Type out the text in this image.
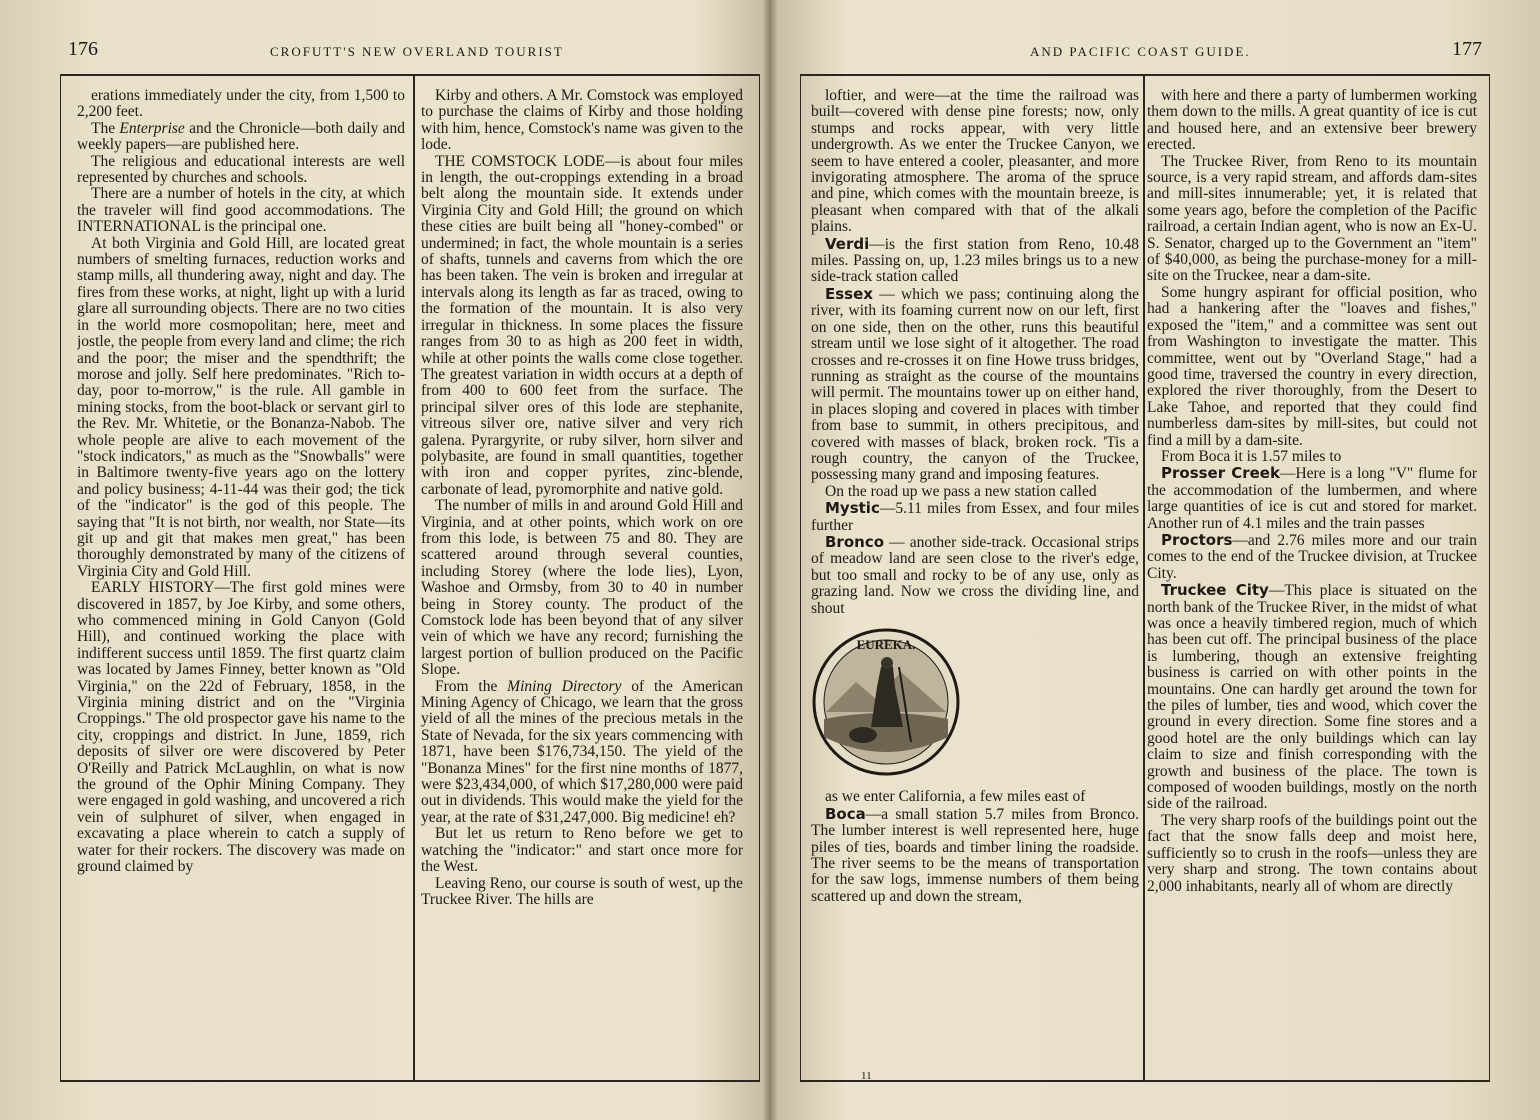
176	CROFUTT'S NEW OVERLAND TOURIST

erations immediately under the city, from 1,500 to 2,200 feet.

The Enterprise and the Chronicle—both daily and weekly papers—are published here.

The religious and educational interests are well represented by churches and schools.

There are a number of hotels in the city, at which the traveler will find good accommodations. The INTERNATIONAL is the principal one.

At both Virginia and Gold Hill, are located great numbers of smelting furnaces, reduction works and stamp mills, all thundering away, night and day. The fires from these works, at night, light up with a lurid glare all surrounding objects. There are no two cities in the world more cosmopolitan; here, meet and jostle, the people from every land and clime; the rich and the poor; the miser and the spendthrift; the morose and jolly. Self here predominates. "Rich to-day, poor to-morrow," is the rule. All gamble in mining stocks, from the boot-black or servant girl to the Rev. Mr. Whitetie, or the Bonanza-Nabob. The whole people are alive to each movement of the "stock indicators," as much as the "Snowballs" were in Baltimore twenty-five years ago on the lottery and policy business; 4-11-44 was their god; the tick of the "indicator" is the god of this people. The saying that "It is not birth, nor wealth, nor State—its git up and git that makes men great," has been thoroughly demonstrated by many of the citizens of Virginia City and Gold Hill.

EARLY HISTORY—The first gold mines were discovered in 1857, by Joe Kirby, and some others, who commenced mining in Gold Canyon (Gold Hill), and continued working the place with indifferent success until 1859. The first quartz claim was located by James Finney, better known as "Old Virginia," on the 22d of February, 1858, in the Virginia mining district and on the "Virginia Croppings." The old prospector gave his name to the city, croppings and district. In June, 1859, rich deposits of silver ore were discovered by Peter O'Reilly and Patrick McLaughlin, on what is now the ground of the Ophir Mining Company. They were engaged in gold washing, and uncovered a rich vein of sulphuret of silver, when engaged in excavating a place wherein to catch a supply of water for their rockers. The discovery was made on ground claimed by

Kirby and others. A Mr. Comstock was employed to purchase the claims of Kirby and those holding with him, hence, Comstock's name was given to the lode.

THE COMSTOCK LODE—is about four miles in length, the out-croppings extending in a broad belt along the mountain side. It extends under Virginia City and Gold Hill; the ground on which these cities are built being all "honey-combed" or undermined; in fact, the whole mountain is a series of shafts, tunnels and caverns from which the ore has been taken. The vein is broken and irregular at intervals along its length as far as traced, owing to the formation of the mountain. It is also very irregular in thickness. In some places the fissure ranges from 30 to as high as 200 feet in width, while at other points the walls come close together. The greatest variation in width occurs at a depth of from 400 to 600 feet from the surface. The principal silver ores of this lode are stephanite, vitreous silver ore, native silver and very rich galena. Pyrargyrite, or ruby silver, horn silver and polybasite, are found in small quantities, together with iron and copper pyrites, zinc-blende, carbonate of lead, pyromorphite and native gold.

The number of mills in and around Gold Hill and Virginia, and at other points, which work on ore from this lode, is between 75 and 80. They are scattered around through several counties, including Storey (where the lode lies), Lyon, Washoe and Ormsby, from 30 to 40 in number being in Storey county. The product of the Comstock lode has been beyond that of any silver vein of which we have any record; furnishing the largest portion of bullion produced on the Pacific Slope.

From the Mining Directory of the American Mining Agency of Chicago, we learn that the gross yield of all the mines of the precious metals in the State of Nevada, for the six years commencing with 1871, have been $176,734,150. The yield of the "Bonanza Mines" for the first nine months of 1877, were $23,434,000, of which $17,280,000 were paid out in dividends. This would make the yield for the year, at the rate of $31,247,000. Big medicine! eh?

But let us return to Reno before we get to watching the "indicator:" and start once more for the West.

Leaving Reno, our course is south of west, up the Truckee River. The hills are

AND PACIFIC COAST GUIDE.	177

loftier, and were—at the time the railroad was built—covered with dense pine forests; now, only stumps and rocks appear, with very little undergrowth. As we enter the Truckee Canyon, we seem to have entered a cooler, pleasanter, and more invigorating atmosphere. The aroma of the spruce and pine, which comes with the mountain breeze, is pleasant when compared with that of the alkali plains.

Verdi—is the first station from Reno, 10.48 miles. Passing on, up, 1.23 miles brings us to a new side-track station called

Essex — which we pass; continuing along the river, with its foaming current now on our left, first on one side, then on the other, runs this beautiful stream until we lose sight of it altogether. The road crosses and re-crosses it on fine Howe truss bridges, running as straight as the course of the mountains will permit. The mountains tower up on either hand, in places sloping and covered in places with timber from base to summit, in others precipitous, and covered with masses of black, broken rock. 'Tis a rough country, the canyon of the Truckee, possessing many grand and imposing features.

On the road up we pass a new station called

Mystic—5.11 miles from Essex, and four miles further

Bronco — another side-track. Occasional strips of meadow land are seen close to the river's edge, but too small and rocky to be of any use, only as grazing land. Now we cross the dividing line, and shout

EUREKA.

as we enter California, a few miles east of

Boca—a small station 5.7 miles from Bronco. The lumber interest is well represented here, huge piles of ties, boards and timber lining the roadside. The river seems to be the means of transportation for the saw logs, immense numbers of them being scattered up and down the stream,

with here and there a party of lumbermen working them down to the mills. A great quantity of ice is cut and housed here, and an extensive beer brewery erected.

The Truckee River, from Reno to its mountain source, is a very rapid stream, and affords dam-sites and mill-sites innumerable; yet, it is related that some years ago, before the completion of the Pacific railroad, a certain Indian agent, who is now an Ex-U. S. Senator, charged up to the Government an "item" of $40,000, as being the purchase-money for a mill-site on the Truckee, near a dam-site.

Some hungry aspirant for official position, who had a hankering after the "loaves and fishes," exposed the "item," and a committee was sent out from Washington to investigate the matter. This committee, went out by "Overland Stage," had a good time, traversed the country in every direction, explored the river thoroughly, from the Desert to Lake Tahoe, and reported that they could find numberless dam-sites by mill-sites, but could not find a mill by a dam-site.

From Boca it is 1.57 miles to

Prosser Creek—Here is a long "V" flume for the accommodation of the lumbermen, and where large quantities of ice is cut and stored for market. Another run of 4.1 miles and the train passes

Proctors—and 2.76 miles more and our train comes to the end of the Truckee division, at Truckee City.

Truckee City—This place is situated on the north bank of the Truckee River, in the midst of what was once a heavily timbered region, much of which has been cut off. The principal business of the place is lumbering, though an extensive freighting business is carried on with other points in the mountains. One can hardly get around the town for the piles of lumber, ties and wood, which cover the ground in every direction. Some fine stores and a good hotel are the only buildings which can lay claim to size and finish corresponding with the growth and business of the place. The town is composed of wooden buildings, mostly on the north side of the railroad.

The very sharp roofs of the buildings point out the fact that the snow falls deep and moist here, sufficiently so to crush in the roofs—unless they are very sharp and strong. The town contains about 2,000 inhabitants, nearly all of whom are directly

11
